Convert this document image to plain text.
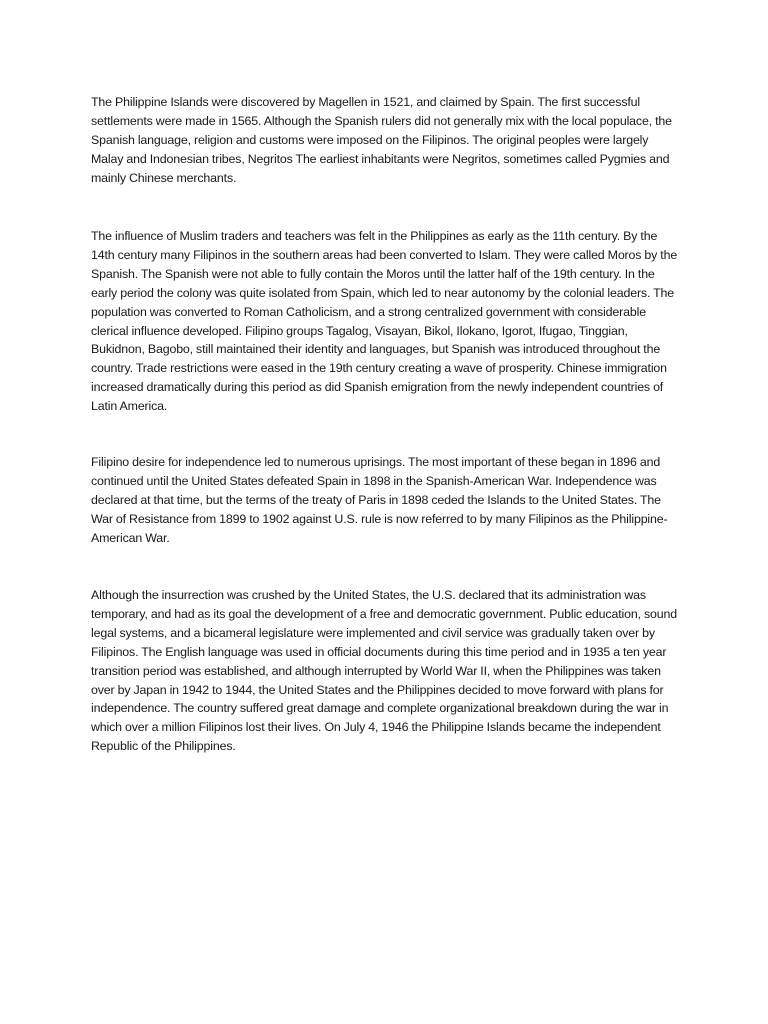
The Philippine Islands were discovered by Magellen in 1521, and claimed by Spain. The first successful settlements were made in 1565. Although the Spanish rulers did not generally mix with the local populace, the Spanish language, religion and customs were imposed on the Filipinos. The original peoples were largely Malay and Indonesian tribes, Negritos The earliest inhabitants were Negritos, sometimes called Pygmies and mainly Chinese merchants.

The influence of Muslim traders and teachers was felt in the Philippines as early as the 11th century. By the 14th century many Filipinos in the southern areas had been converted to Islam. They were called Moros by the Spanish. The Spanish were not able to fully contain the Moros until the latter half of the 19th century. In the early period the colony was quite isolated from Spain, which led to near autonomy by the colonial leaders. The population was converted to Roman Catholicism, and a strong centralized government with considerable clerical influence developed. Filipino groups Tagalog, Visayan, Bikol, Ilokano, Igorot, Ifugao, Tinggian, Bukidnon, Bagobo, still maintained their identity and languages, but Spanish was introduced throughout the country. Trade restrictions were eased in the 19th century creating a wave of prosperity. Chinese immigration increased dramatically during this period as did Spanish emigration from the newly independent countries of Latin America.

Filipino desire for independence led to numerous uprisings. The most important of these began in 1896 and continued until the United States defeated Spain in 1898 in the Spanish-American War. Independence was declared at that time, but the terms of the treaty of Paris in 1898 ceded the Islands to the United States. The War of Resistance from 1899 to 1902 against U.S. rule is now referred to by many Filipinos as the Philippine-American War.

Although the insurrection was crushed by the United States, the U.S. declared that its administration was temporary, and had as its goal the development of a free and democratic government. Public education, sound legal systems, and a bicameral legislature were implemented and civil service was gradually taken over by Filipinos. The English language was used in official documents during this time period and in 1935 a ten year transition period was established, and although interrupted by World War II, when the Philippines was taken over by Japan in 1942 to 1944, the United States and the Philippines decided to move forward with plans for independence. The country suffered great damage and complete organizational breakdown during the war in which over a million Filipinos lost their lives. On July 4, 1946 the Philippine Islands became the independent Republic of the Philippines.
